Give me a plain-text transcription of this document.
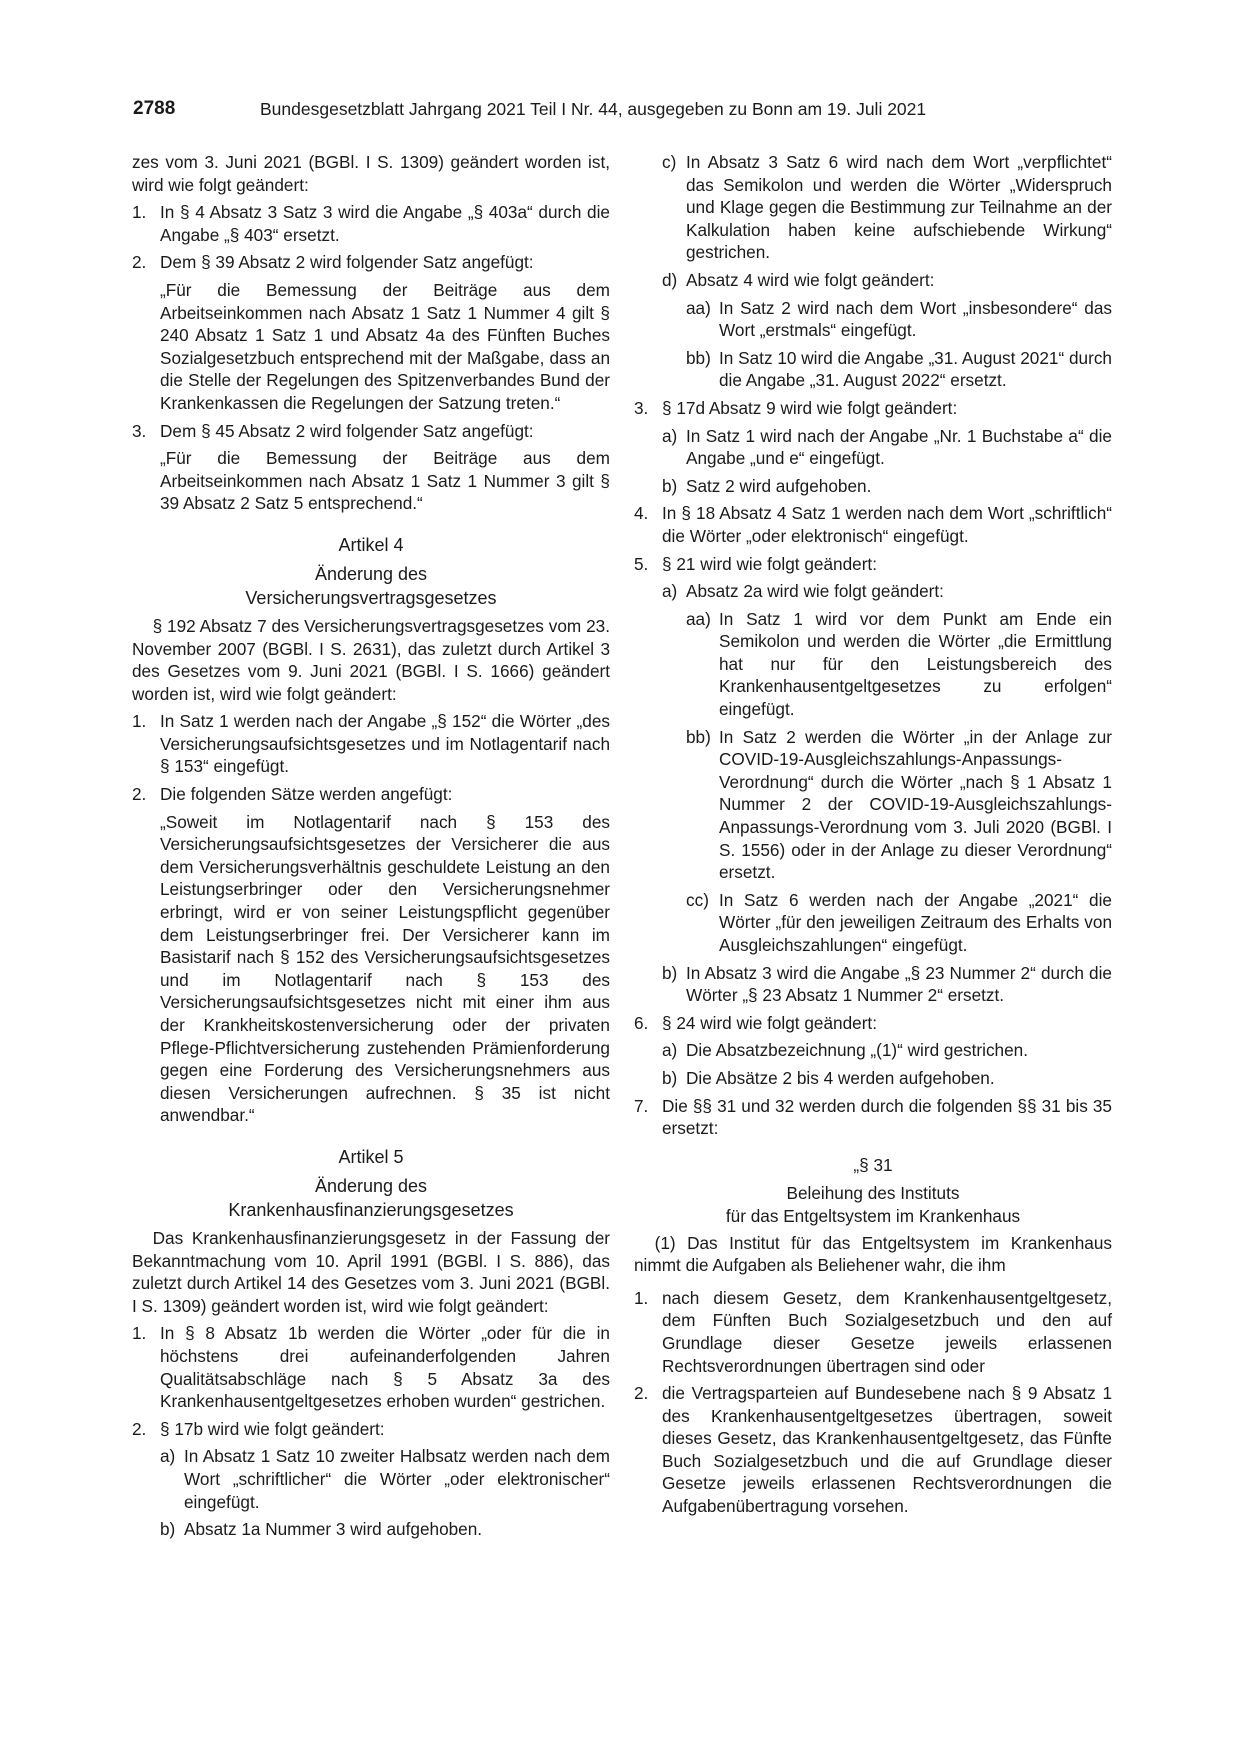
2788	Bundesgesetzblatt Jahrgang 2021 Teil I Nr. 44, ausgegeben zu Bonn am 19. Juli 2021

zes vom 3. Juni 2021 (BGBl. I S. 1309) geändert worden ist, wird wie folgt geändert:

1. In § 4 Absatz 3 Satz 3 wird die Angabe „§ 403a“ durch die Angabe „§ 403“ ersetzt.
2. Dem § 39 Absatz 2 wird folgender Satz angefügt:

„Für die Bemessung der Beiträge aus dem Arbeitseinkommen nach Absatz 1 Satz 1 Nummer 4 gilt § 240 Absatz 1 Satz 1 und Absatz 4a des Fünften Buches Sozialgesetzbuch entsprechend mit der Maßgabe, dass an die Stelle der Regelungen des Spitzenverbandes Bund der Krankenkassen die Regelungen der Satzung treten.“

3. Dem § 45 Absatz 2 wird folgender Satz angefügt:

„Für die Bemessung der Beiträge aus dem Arbeitseinkommen nach Absatz 1 Satz 1 Nummer 3 gilt § 39 Absatz 2 Satz 5 entsprechend.“

Artikel 4

Änderung des

Versicherungsvertragsgesetzes

§ 192 Absatz 7 des Versicherungsvertragsgesetzes vom 23. November 2007 (BGBl. I S. 2631), das zuletzt durch Artikel 3 des Gesetzes vom 9. Juni 2021 (BGBl. I S. 1666) geändert worden ist, wird wie folgt geändert:

1. In Satz 1 werden nach der Angabe „§ 152“ die Wörter „des Versicherungsaufsichtsgesetzes und im Notlagentarif nach § 153“ eingefügt.
2. Die folgenden Sätze werden angefügt:

„Soweit im Notlagentarif nach § 153 des Versicherungsaufsichtsgesetzes der Versicherer die aus dem Versicherungsverhältnis geschuldete Leistung an den Leistungserbringer oder den Versicherungsnehmer erbringt, wird er von seiner Leistungspflicht gegenüber dem Leistungserbringer frei. Der Versicherer kann im Basistarif nach § 152 des Versicherungsaufsichtsgesetzes und im Notlagentarif nach § 153 des Versicherungsaufsichtsgesetzes nicht mit einer ihm aus der Krankheitskostenversicherung oder der privaten Pflege-Pflichtversicherung zustehenden Prämienforderung gegen eine Forderung des Versicherungsnehmers aus diesen Versicherungen aufrechnen. § 35 ist nicht anwendbar.“

Artikel 5

Änderung des

Krankenhausfinanzierungsgesetzes

Das Krankenhausfinanzierungsgesetz in der Fassung der Bekanntmachung vom 10. April 1991 (BGBl. I S. 886), das zuletzt durch Artikel 14 des Gesetzes vom 3. Juni 2021 (BGBl. I S. 1309) geändert worden ist, wird wie folgt geändert:

1. In § 8 Absatz 1b werden die Wörter „oder für die in höchstens drei aufeinanderfolgenden Jahren Qualitätsabschläge nach § 5 Absatz 3a des Krankenhausentgeltgesetzes erhoben wurden“ gestrichen.
2. § 17b wird wie folgt geändert:
a) In Absatz 1 Satz 10 zweiter Halbsatz werden nach dem Wort „schriftlicher“ die Wörter „oder elektronischer“ eingefügt.
b) Absatz 1a Nummer 3 wird aufgehoben.
c) In Absatz 3 Satz 6 wird nach dem Wort „verpflichtet“ das Semikolon und werden die Wörter „Widerspruch und Klage gegen die Bestimmung zur Teilnahme an der Kalkulation haben keine aufschiebende Wirkung“ gestrichen.
d) Absatz 4 wird wie folgt geändert:
aa) In Satz 2 wird nach dem Wort „insbesondere“ das Wort „erstmals“ eingefügt.
bb) In Satz 10 wird die Angabe „31. August 2021“ durch die Angabe „31. August 2022“ ersetzt.
3. § 17d Absatz 9 wird wie folgt geändert:
a) In Satz 1 wird nach der Angabe „Nr. 1 Buchstabe a“ die Angabe „und e“ eingefügt.
b) Satz 2 wird aufgehoben.
4. In § 18 Absatz 4 Satz 1 werden nach dem Wort „schriftlich“ die Wörter „oder elektronisch“ eingefügt.
5. § 21 wird wie folgt geändert:
a) Absatz 2a wird wie folgt geändert:
aa) In Satz 1 wird vor dem Punkt am Ende ein Semikolon und werden die Wörter „die Ermittlung hat nur für den Leistungsbereich des Krankenhausentgeltgesetzes zu erfolgen“ eingefügt.
bb) In Satz 2 werden die Wörter „in der Anlage zur COVID-19-Ausgleichszahlungs-Anpassungs-Verordnung“ durch die Wörter „nach § 1 Absatz 1 Nummer 2 der COVID-19-Ausgleichszahlungs-Anpassungs-Verordnung vom 3. Juli 2020 (BGBl. I S. 1556) oder in der Anlage zu dieser Verordnung“ ersetzt.
cc) In Satz 6 werden nach der Angabe „2021“ die Wörter „für den jeweiligen Zeitraum des Erhalts von Ausgleichszahlungen“ eingefügt.
b) In Absatz 3 wird die Angabe „§ 23 Nummer 2“ durch die Wörter „§ 23 Absatz 1 Nummer 2“ ersetzt.
6. § 24 wird wie folgt geändert:
a) Die Absatzbezeichnung „(1)“ wird gestrichen.
b) Die Absätze 2 bis 4 werden aufgehoben.
7. Die §§ 31 und 32 werden durch die folgenden §§ 31 bis 35 ersetzt:

„§ 31

Beleihung des Instituts

für das Entgeltsystem im Krankenhaus

(1) Das Institut für das Entgeltsystem im Krankenhaus nimmt die Aufgaben als Beliehener wahr, die ihm

1. nach diesem Gesetz, dem Krankenhausentgeltgesetz, dem Fünften Buch Sozialgesetzbuch und den auf Grundlage dieser Gesetze jeweils erlassenen Rechtsverordnungen übertragen sind oder
2. die Vertragsparteien auf Bundesebene nach § 9 Absatz 1 des Krankenhausentgeltgesetzes übertragen, soweit dieses Gesetz, das Krankenhausentgeltgesetz, das Fünfte Buch Sozialgesetzbuch und die auf Grundlage dieser Gesetze jeweils erlassenen Rechtsverordnungen die Aufgabenübertragung vorsehen.
